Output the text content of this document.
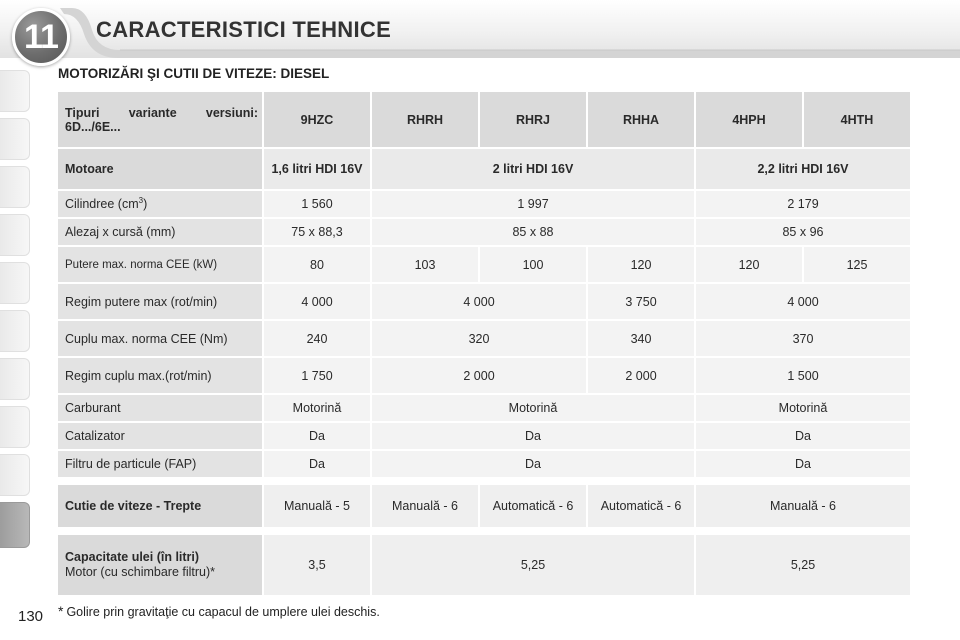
11	CARACTERISTICI TEHNICE
MOTORIZĂRI ŞI CUTII DE VITEZE: DIESEL
Tipuri variante versiuni: 6D.../6E...	9HZC	RHRH	RHRJ	RHHA	4HPH	4HTH
Motoare	1,6 litri HDI 16V	2 litri HDI 16V			2,2 litri HDI 16V	
Cilindree $(cm^3)$	1 560	1 997			2 179	
Alezaj x cursă (mm)	75 x 88,3	85 x 88			85 x 96	
Putere max. norma CEE (kW)	80	103	100	120	120	125
Regim putere max (rot/min)	4 000	4 000		3 750	4 000	
Cuplu max. norma CEE (Nm)	240	320		340	370	
Regim cuplu max.(rot/min)	1 750	2 000		2 000	1 500	
Carburant	Motorină	Motorină			Motorină	
Catalizator	Da	Da			Da	
Filtru de particule (FAP)	Da	Da			Da	

Cutie de viteze - Trepte	Manuală - 5	Manuală - 6	Automatică - 6	Automatică - 6	Manuală - 6	

Capacitate ulei (în litri)
Motor (cu schimbare filtru)*	3,5	5,25			5,25	
130 * Golire prin gravitaţie cu capacul de umplere ulei deschis.
